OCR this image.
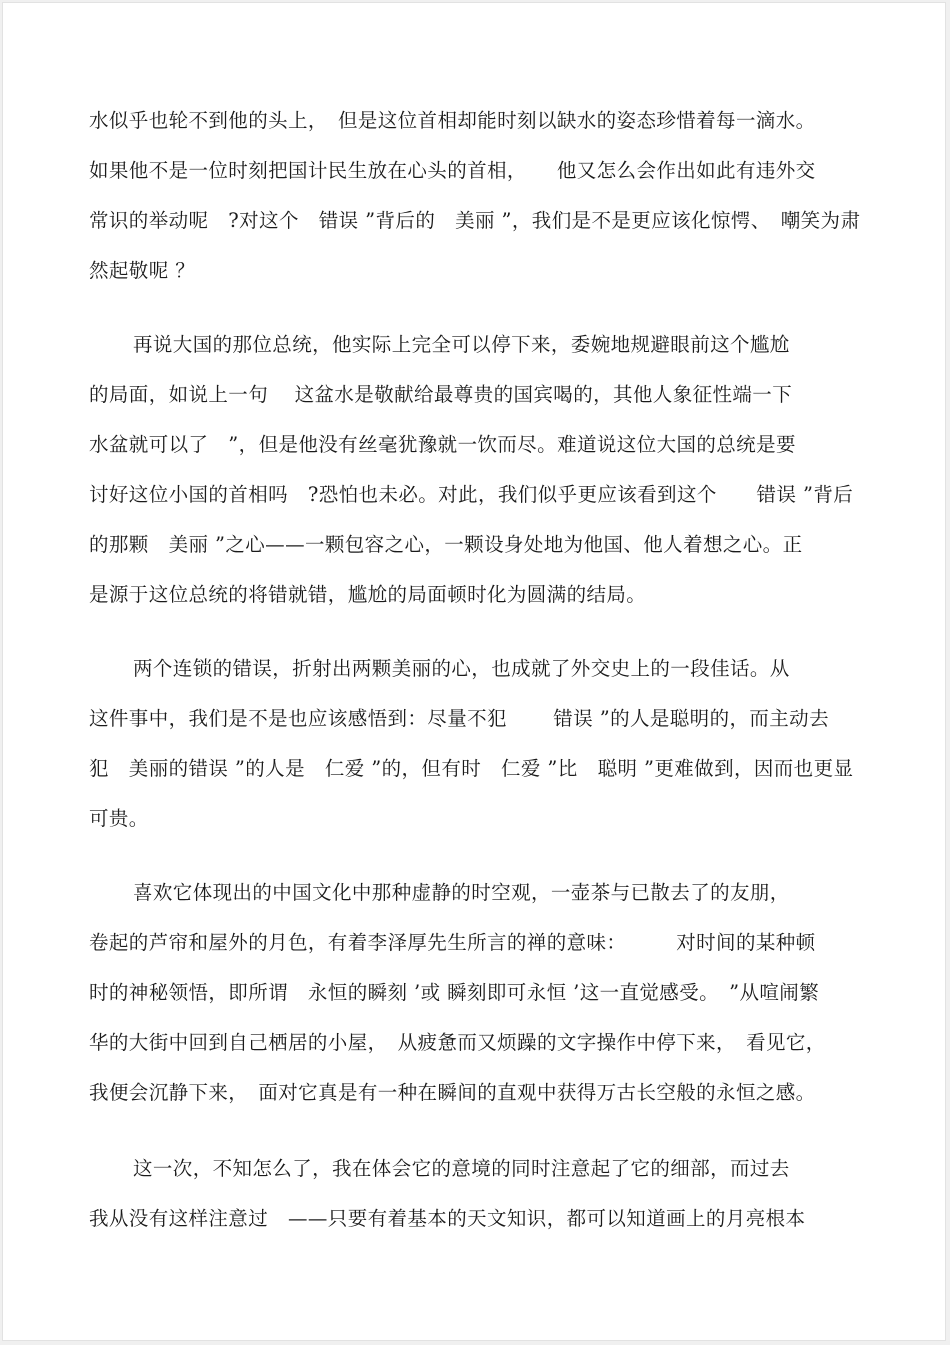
水似乎也轮不到他的头上，　但是这位首相却能时刻以缺水的姿态珍惜着每一滴水。

如果他不是一位时刻把国计民生放在心头的首相，　　他又怎么会作出如此有违外交

常识的举动呢　?对这个　错误 ”背后的　美丽 ”，我们是不是更应该化惊愕、　嘲笑为肃

然起敬呢 ？

再说大国的那位总统，他实际上完全可以停下来，委婉地规避眼前这个尴尬

的局面，如说上一句　 这盆水是敬献给最尊贵的国宾喝的，其他人象征性端一下

水盆就可以了　”，但是他没有丝毫犹豫就一饮而尽。难道说这位大国的总统是要

讨好这位小国的首相吗　?恐怕也未必。对此，我们似乎更应该看到这个　　错误 ”背后

的那颗　美丽 ”之心——一颗包容之心，一颗设身处地为他国、他人着想之心。正

是源于这位总统的将错就错，尴尬的局面顿时化为圆满的结局。

两个连锁的错误，折射出两颗美丽的心，也成就了外交史上的一段佳话。从

这件事中，我们是不是也应该感悟到：尽量不犯　　 错误 ”的人是聪明的，而主动去

犯　美丽的错误 ”的人是　仁爱 ”的，但有时　仁爱 ”比　聪明 ”更难做到，因而也更显

可贵。

喜欢它体现出的中国文化中那种虚静的时空观，一壶茶与已散去了的友朋，

卷起的芦帘和屋外的月色，有着李泽厚先生所言的禅的意味：　　　对时间的某种顿

时的神秘领悟，即所谓　永恒的瞬刻 ’或 瞬刻即可永恒 ’这一直觉感受。　”从喧闹繁

华的大街中回到自己栖居的小屋，　从疲惫而又烦躁的文字操作中停下来，　看见它，

我便会沉静下来，　面对它真是有一种在瞬间的直观中获得万古长空般的永恒之感。

这一次，不知怎么了，我在体会它的意境的同时注意起了它的细部，而过去

我从没有这样注意过　——只要有着基本的天文知识，都可以知道画上的月亮根本
